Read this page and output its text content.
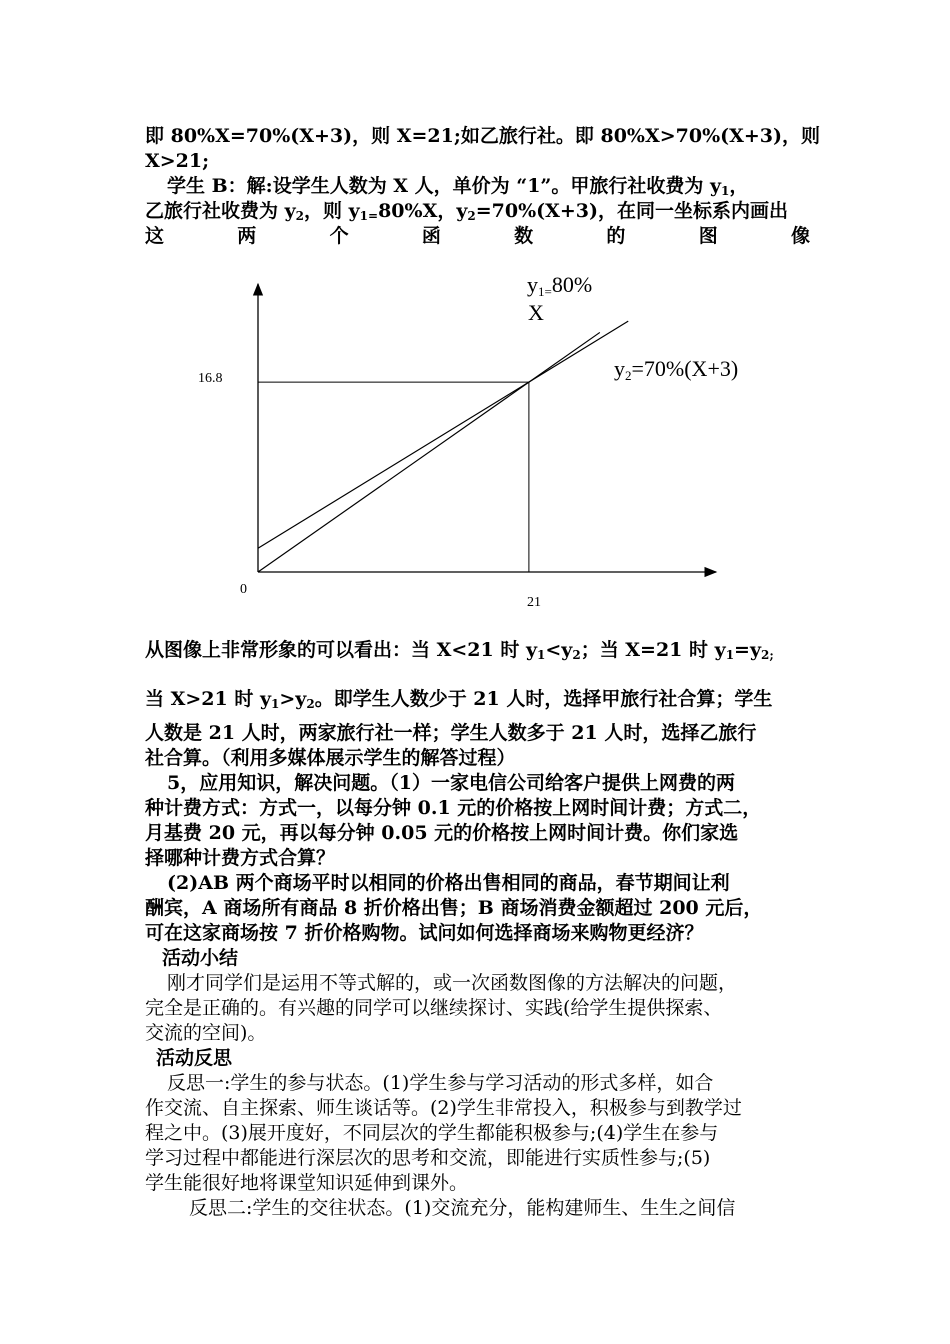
即 80%X=70%(X+3)，则 X=21;如乙旅行社。即 80%X>70%(X+3)，则
X>21;
学生 B：解:设学生人数为 X 人，单价为 “1”。甲旅行社收费为 $y_1$，
乙旅行社收费为 $y_2$，则 $y_{1=}80\%X$，$y_2=70\%(X+3)$，在同一坐标系内画出
这	两	个	函	数	的	图	像
16.8
0
21
y1=80%
X
y2=70%(X+3)
从图像上非常形象的可以看出：当 X<21 时 $y_1<y_2$；当 X=21 时 $y_1=y_{2;}$
当 X>21 时 $y_1>y_2$。即学生人数少于 21 人时，选择甲旅行社合算；学生
人数是 21 人时，两家旅行社一样；学生人数多于 21 人时，选择乙旅行
社合算。（利用多媒体展示学生的解答过程）
5，应用知识，解决问题。（1）一家电信公司给客户提供上网费的两
种计费方式：方式一，以每分钟 0.1 元的价格按上网时间计费；方式二，
月基费 20 元，再以每分钟 0.05 元的价格按上网时间计费。你们家选
择哪种计费方式合算？
(2)AB 两个商场平时以相同的价格出售相同的商品，春节期间让利
酬宾，A 商场所有商品 8 折价格出售；B 商场消费金额超过 200 元后，
可在这家商场按 7 折价格购物。试问如何选择商场来购物更经济？
活动小结
刚才同学们是运用不等式解的，或一次函数图像的方法解决的问题，
完全是正确的。有兴趣的同学可以继续探讨、实践(给学生提供探索、
交流的空间)。
活动反思
反思一:学生的参与状态。(1)学生参与学习活动的形式多样，如合
作交流、自主探索、师生谈话等。(2)学生非常投入，积极参与到教学过
程之中。(3)展开度好，不同层次的学生都能积极参与;(4)学生在参与
学习过程中都能进行深层次的思考和交流，即能进行实质性参与;(5)
学生能很好地将课堂知识延伸到课外。
反思二:学生的交往状态。(1)交流充分，能构建师生、生生之间信
